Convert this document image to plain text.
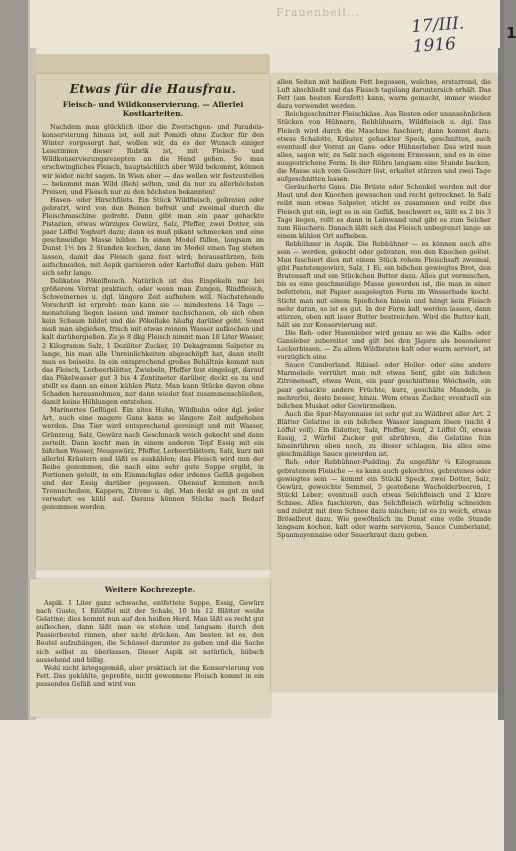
Frauenbeil...
17/III. 1916
1
Etwas für die Hausfrau.
Fleisch- und Wildkonservierung. — Allerlei Kostkarteiten.

Nachdem man glücklich über die Zwetschgen- und Paradeis-konservierung hinaus ist, soll mit Pomidi ohne Zucker für den Winter vorgesorgt hat, wollen wir, da es der Wunsch einiger Leserinnen dieser Rubrik ist, mit Fleisch- und Wildkonservierungsrezepten an die Hand gehen. So man erschwingliches Fleisch, hauptsächlich aber Wild bekommt, können wir leider nicht sagen. In Wien aber — das wollen wir festzustellen — bekommt man Wild (Reh) selten, und da nur zu allerhöchsten Preisen, und Fleisch nur zu den höchsten bekannten!

Hasen- oder Hirschfilets. Ein Stück Wildfleisch, gebraten oder gebratrt, wird von den Beinen befreit und zweimal durch die Fleischmaschine gedreht. Dann gibt man ein paar gehackte Pistazien, etwas würziges Gewürz, Salz, Pfeffer, zwei Dotter, ein paar Löffel Yoghurt dazu; dann es muß pikant schmecken und eine geschmeidige Masse bilden. In einen Model füllen, langsam im Dunst 1½ bis 2 Stunden kochen, dann im Model einen Tag stehen lassen, damit das Fleisch ganz fest wird; herausstürzen, fein aufschneiden, mit Aspik garnieren oder Kartoffel dazu geben. Hält sich sehr lange.

Delikates Pökelfleisch. Natürlich ist das Einpökeln nur bei größerem Vorrat praktisch, oder wenn man Zungen, Rindfleisch, Schweinernes u. dgl. längere Zeit aufheben will. Nachstehende Vorschrift ist erprobt: man kann sie — mindestens 14 Tage — monatelang liegen lassen und immer nachschauen, ob sich oben kein Schaum bildet und die Pökellake häufig darüber geht. Sonst muß man abgießen, frisch mit etwas reinem Wasser aufkochen und kalt darübergießen. Zu je 8 dkg Fleisch nimmt man 10 Liter Wasser, 2 Kilogramm Salz, 1 Deziliter Zucker, 10 Dekagramm Salpeter zu lange, bis man alle Unreinlichkeiten abgeschöpft hat, dann stellt man es beiseite. In ein entsprechend großes Behältnis kommt nun das Fleisch, Lorbeerblätter, Zwiebeln, Pfeffer fest eingelegt, darauf das Pökelwasser gut 3 bis 4 Zentimeter darüber, deckt es zu und stellt es dann an einen kühlen Platz. Man kann Stücke davon ohne Schaden herausnehmen, nur dann wieder fest zusammenschließen, damit keine Höhlungen entstehen.

Marinertes Geflügel. Ein altes Huhn, Wildhuhn oder dgl. jeder Art, auch eine magere Gans kann so längere Zeit aufgehoben werden. Das Tier wird entsprechend gereinigt und mit Wasser, Grünzeug, Salz, Gewürz nach Geschmack weich gekocht und dann zerteilt. Dann kocht man in einem anderen Topf Essig mit ein bißchen Wasser, Neugewürz, Pfeffer, Lorbeerblättern, Salz, kurz mit allerlei Kräutern und läßt es auskühlen; das Fleisch wird nun der Reihe genommen, die nach eine sehr gute Suppe ergibt, in Portionen geteilt, in ein Einmachglas oder irdenes Gefäß gegeben und der Essig darüber gegossen. Obenauf kommen noch Trennscheiben, Kappern, Zitrone u. dgl. Man deckt es gut zu und verwahrt es kühl auf. Daraus können Stücke nach Bedarf genommen werden.

Weitere Kochrezepte.

Aspik. 1 Liter ganz schwache, entfettete Suppe, Essig, Gewürz nach Gusto, 1 Eßlöffel mit der Schale, 10 bis 12 Blätter weiße Gelatine; dies kommt nun auf den heißen Herd. Man läßt es recht gut aufkochen, dann läßt man es stehen und langsam durch den Passierbeutel rinnen, aber nicht drücken. Am besten ist es, den Beutel aufzuhängen, die Schüssel darunter zu geben und die Sache sich selbst zu überlassen. Dieser Aspik ist natürlich, hübsch aussehend und billig.

Wohl nicht kriegsgemäß, aber praktisch ist die Konservierung von Fett. Das gekühlte, gepreßte, nicht gewonnene Fleisch kommt in ein passendes Gefäß und wird von

allen Seiten mit heißem Fett begossen, welches, erstarrend, die Luft abschließt und das Fleisch tagelang daruntersich erhält. Das Fett (am besten Kernfett) kann, warm gemacht, immer wieder dazu verwendet werden.

Reichgeschnitter Fleischkäse. Aus Resten oder unansehnlichen Stücken von Hühnern, Rebhühnern, Wildfleisch u. dgl. Das Fleisch wird durch die Maschine faschiert; dann kommt dazu: etwas Schalotte, Kräuter, gehackter Speck, geschnitten, auch eventuell der Vorrat an Gans- oder Hühnerleber. Das wird man alles, sagen wir, zu Salz nach eigenem Ermessen, und es in eine ausgestrichene Form. In der Röhre langsam eine Stunde backen, die Masse sich vom Geschirr löst, erkaltet stürzen und zwei Tage aufgeschnitten lassen.

Geräucherte Gans. Die Brüste oder Schenkel werden mit der Haut und den Knochen gewaschen und recht getrocknet. In Salz reibt man etwas Salpeter, sticht es zusammen und reibt das Fleisch gut ein, legt es in ein Gefäß, beschwert es, läßt es 2 bis 3 Tage liegen, rollt es dann in Leinwand und gibt es zum Selcher zum Räuchern. Danach läßt sich das Fleisch unbegrenzt lange an einem kühlen Ort aufheben.

Rebhühner in Aspik. Die Rebhühner — es können auch alte sein — werden, gekocht oder gebraten, von den Knochen gelöst. Man faschiert dies mit einem Stück rohem Fleischsaft zweimal, gibt Pastetengewürz, Salz, 1 Ei, ein bißchen gewiegtes Brot, den Bratensaft und ein Stückchen Butter dazu. Alles gut vermischen, bis es eine geschmeidige Masse geworden ist, die man in einer befetteten, mit Papier ausgelegten Form im Wasserbade kocht. Sticht man mit einem Spießchen hinein und hängt kein Fleisch mehr daran, so ist es gut. In der Form kalt werden lassen, dann stürzen, oben mit lauer Butter bestreichen. Wird die Butter kalt, hält sie zur Konservierung mit.

Die Reh- oder Hasenleber wird genau so wie die Kalbs- oder Gansleber zubereitet und gilt bei den Jägern als besonderer Leckerbissen. — Zu allem Wildbraten kalt oder warm serviert, ist vorzüglich eine

Sauce Cumberland. Ribisel- oder Holler- oder eine andere Marmelade verrührt man mit etwas Senf, gibt ein bißchen Zitronensaft, etwas Wein, ein paar geschnittene Weichseln, ein paar gehackte andere Früchte, kurz, geschälte Mandeln, je mehrerlei, desto besser, hinzu. Wem etwas Zucker, eventuell ein bißchen Muskat oder Gewürznelken.

Auch die Spar-Mayonnaise ist sehr gut zu Wildbret aller Art. 2 Blätter Gelatine in ein bißchen Wasser langsam lösen (nicht 4 Löffel voll). Ein Eidotter, Salz, Pfeffer, Senf, 2 Löffel Öl, etwas Essig, 2 Würfel Zucker gut abrühren, die Gelatine fein hineinrühren oben noch, zu dieser schlagen, bis alles eine gleichmäßige Sauce geworden ist.

Reh- oder Rebhühner-Pudding. Zu ungefähr ¼ Kilogramm gebratenem Fleische — es kann auch gekochtes, gebratenes oder gewiegtes sein — kommt ein Stückl Speck, zwei Dotter, Salz, Gewürz, geweichte Semmel, 5 gestoßene Wacholderbeeren, 1 Stückl Leber; eventuell auch etwas Selchfleisch und 2 klare Schnee. Alles faschieren, das Selchfleisch würfelig schneiden und zuletzt mit dem Schnee dazu mischen; ist es zu weich, etwas Bröselbrot dazu. Wie gewöhnlich im Dunst eine volle Stunde langsam kochen, kalt oder warm servieren, Sauce Cumberland, Spanmayonnaise oder Sauerkraut dazu geben.
